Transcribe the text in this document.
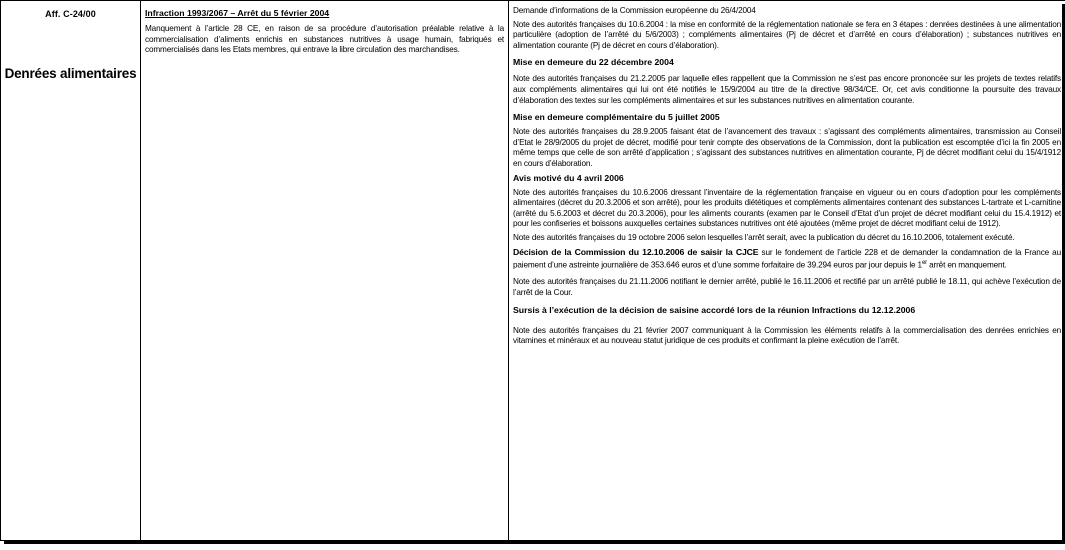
Aff. C-24/00
Denrées alimentaires

Infraction 1993/2067 – Arrêt du 5 février 2004
Manquement à l’article 28 CE, en raison de sa procédure d’autorisation préalable relative à la commercialisation d’aliments enrichis en substances nutritives à usage humain, fabriqués et commercialisés dans les Etats membres, qui entrave la libre circulation des marchandises.

Demande d’informations de la Commission européenne du 26/4/2004
Note des autorités françaises du 10.6.2004 : la mise en conformité de la réglementation nationale se fera en 3 étapes : denrées destinées à une alimentation particulière (adoption de l’arrêté du 5/6/2003) ; compléments alimentaires (Pj de décret et d’arrêté en cours d’élaboration) ; substances nutritives en alimentation courante (Pj de décret en cours d’élaboration).
Mise en demeure du 22 décembre 2004
Note des autorités françaises du 21.2.2005 par laquelle elles rappellent que la Commission ne s’est pas encore prononcée sur les projets de textes relatifs aux compléments alimentaires qui lui ont été notifiés le 15/9/2004 au titre de la directive 98/34/CE. Or, cet avis conditionne la poursuite des travaux d’élaboration des textes sur les compléments alimentaires et sur les substances nutritives en alimentation courante.
Mise en demeure complémentaire du 5 juillet 2005
Note des autorités françaises du 28.9.2005 faisant état de l’avancement des travaux : s’agissant des compléments alimentaires, transmission au Conseil d’Etat le 28/9/2005 du projet de décret, modifié pour tenir compte des observations de la Commission, dont la publication est escomptée d’ici la fin 2005 en même temps que celle de son arrêté d’application ; s’agissant des substances nutritives en alimentation courante, Pj de décret modifiant celui du 15/4/1912 en cours d’élaboration.
Avis motivé du 4 avril 2006
Note des autorités françaises du 10.6.2006 dressant l’inventaire de la réglementation française en vigueur ou en cours d’adoption pour les compléments alimentaires (décret du 20.3.2006 et son arrêté), pour les produits diététiques et compléments alimentaires contenant des substances L-tartrate et L-carnitine (arrêté du 5.6.2003 et décret du 20.3.2006), pour les aliments courants (examen par le Conseil d’Etat d’un projet de décret modifiant celui du 15.4.1912) et pour les confiseries et boissons auxquelles certaines substances nutritives ont été ajoutées (même projet de décret modifiant celui de 1912).
Note des autorités françaises du 19 octobre 2006 selon lesquelles l’arrêt serait, avec la publication du décret du 16.10.2006, totalement exécuté.
Décision de la Commission du 12.10.2006 de saisir la CJCE sur le fondement de l’article 228 et de demander la condamnation de la France au paiement d’une astreinte journalière de 353.646 euros et d’une somme forfaitaire de 39.294 euros par jour depuis le 1er arrêt en manquement.
Note des autorités françaises du 21.11.2006 notifiant le dernier arrêté, publié le 16.11.2006 et rectifié par un arrêté publié le 18.11, qui achève l’exécution de l’arrêt de la Cour.
Sursis à l’exécution de la décision de saisine accordé lors de la réunion Infractions du 12.12.2006
Note des autorités françaises du 21 février 2007 communiquant à la Commission les éléments relatifs à la commercialisation des denrées enrichies en vitamines et minéraux et au nouveau statut juridique de ces produits et confirmant la pleine exécution de l’arrêt.
